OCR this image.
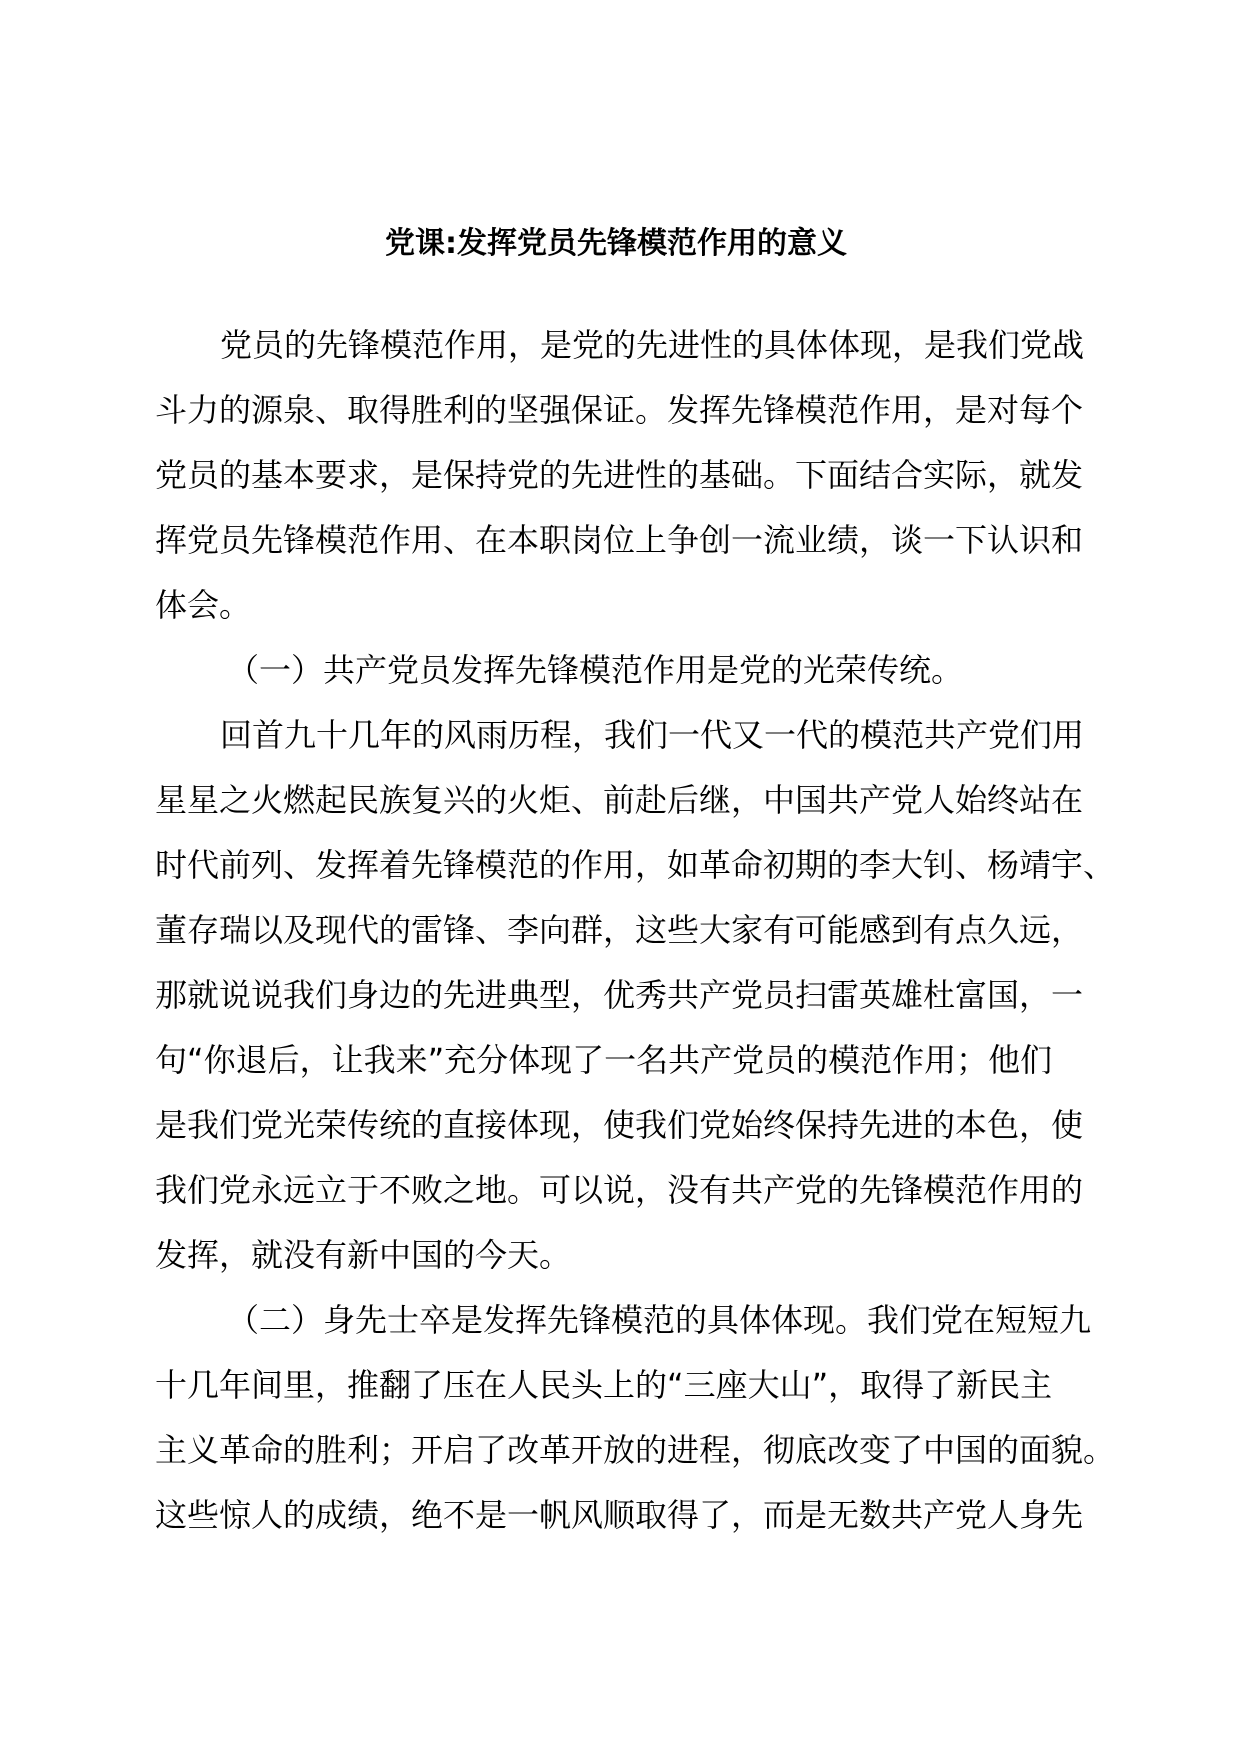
党课:发挥党员先锋模范作用的意义
党员的先锋模范作用，是党的先进性的具体体现，是我们党战
斗力的源泉、取得胜利的坚强保证。发挥先锋模范作用，是对每个
党员的基本要求，是保持党的先进性的基础。下面结合实际，就发
挥党员先锋模范作用、在本职岗位上争创一流业绩，谈一下认识和
体会。
（一）共产党员发挥先锋模范作用是党的光荣传统。
回首九十几年的风雨历程，我们一代又一代的模范共产党们用
星星之火燃起民族复兴的火炬、前赴后继，中国共产党人始终站在
时代前列、发挥着先锋模范的作用，如革命初期的李大钊、杨靖宇、
董存瑞以及现代的雷锋、李向群，这些大家有可能感到有点久远，
那就说说我们身边的先进典型，优秀共产党员扫雷英雄杜富国，一
句“你退后，让我来”充分体现了一名共产党员的模范作用；他们
是我们党光荣传统的直接体现，使我们党始终保持先进的本色，使
我们党永远立于不败之地。可以说，没有共产党的先锋模范作用的
发挥，就没有新中国的今天。
（二）身先士卒是发挥先锋模范的具体体现。我们党在短短九
十几年间里，推翻了压在人民头上的“三座大山”，取得了新民主
主义革命的胜利；开启了改革开放的进程，彻底改变了中国的面貌。
这些惊人的成绩，绝不是一帆风顺取得了，而是无数共产党人身先
